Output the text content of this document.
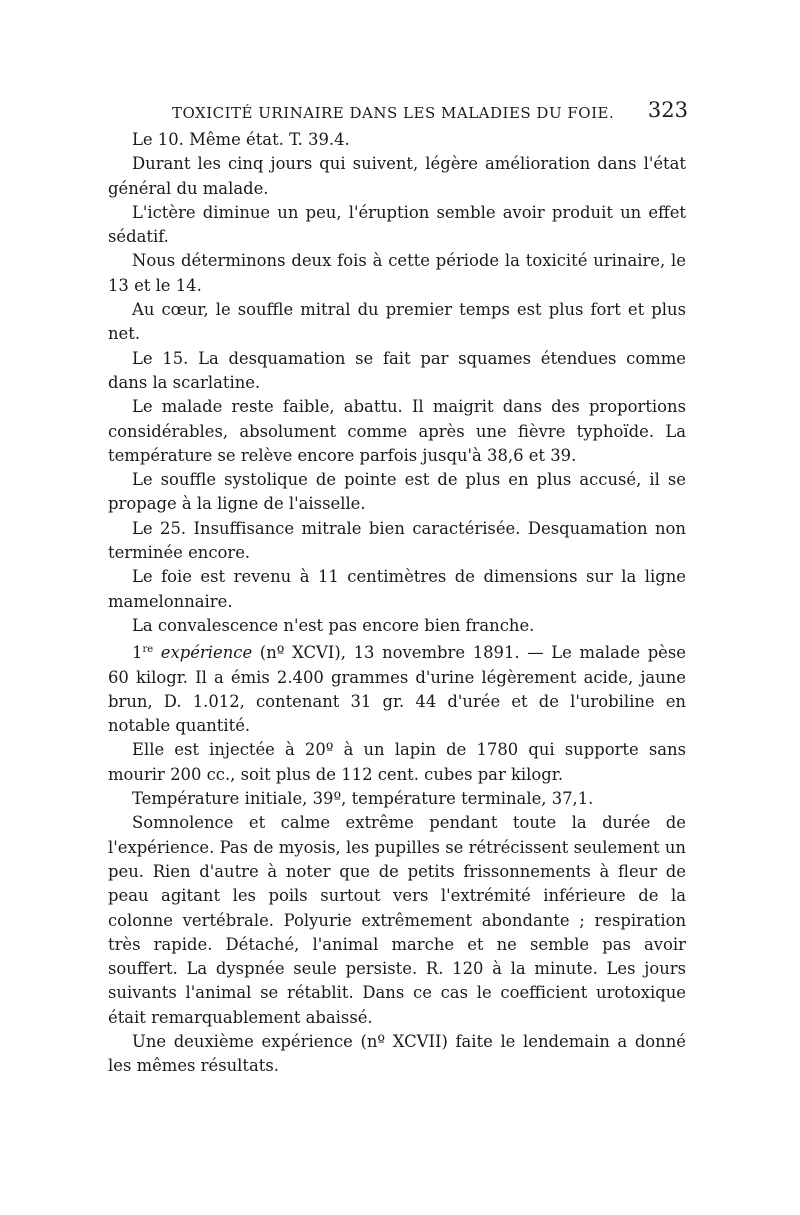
TOXICITÉ URINAIRE DANS LES MALADIES DU FOIE. 323

Le 10. Même état. T. 39.4.

Durant les cinq jours qui suivent, légère amélioration dans l'état général du malade.

L'ictère diminue un peu, l'éruption semble avoir produit un effet sédatif.

Nous déterminons deux fois à cette période la toxicité urinaire, le 13 et le 14.

Au cœur, le souffle mitral du premier temps est plus fort et plus net.

Le 15. La desquamation se fait par squames étendues comme dans la scarlatine.

Le malade reste faible, abattu. Il maigrit dans des proportions considérables, absolument comme après une fièvre typhoïde. La température se relève encore parfois jusqu'à 38,6 et 39.

Le souffle systolique de pointe est de plus en plus accusé, il se propage à la ligne de l'aisselle.

Le 25. Insuffisance mitrale bien caractérisée. Desquamation non terminée encore.

Le foie est revenu à 11 centimètres de dimensions sur la ligne mamelonnaire.

La convalescence n'est pas encore bien franche.

1re expérience (nº XCVI), 13 novembre 1891. — Le malade pèse 60 kilogr. Il a émis 2.400 grammes d'urine légèrement acide, jaune brun, D. 1.012, contenant 31 gr. 44 d'urée et de l'urobiline en notable quantité.

Elle est injectée à 20º à un lapin de 1780 qui supporte sans mourir 200 cc., soit plus de 112 cent. cubes par kilogr.

Température initiale, 39º, température terminale, 37,1.

Somnolence et calme extrême pendant toute la durée de l'expérience. Pas de myosis, les pupilles se rétrécissent seulement un peu. Rien d'autre à noter que de petits frissonnements à fleur de peau agitant les poils surtout vers l'extrémité inférieure de la colonne vertébrale. Polyurie extrêmement abondante ; respiration très rapide. Détaché, l'animal marche et ne semble pas avoir souffert. La dyspnée seule persiste. R. 120 à la minute. Les jours suivants l'animal se rétablit. Dans ce cas le coefficient urotoxique était remarquablement abaissé.

Une deuxième expérience (nº XCVII) faite le lendemain a donné les mêmes résultats.
